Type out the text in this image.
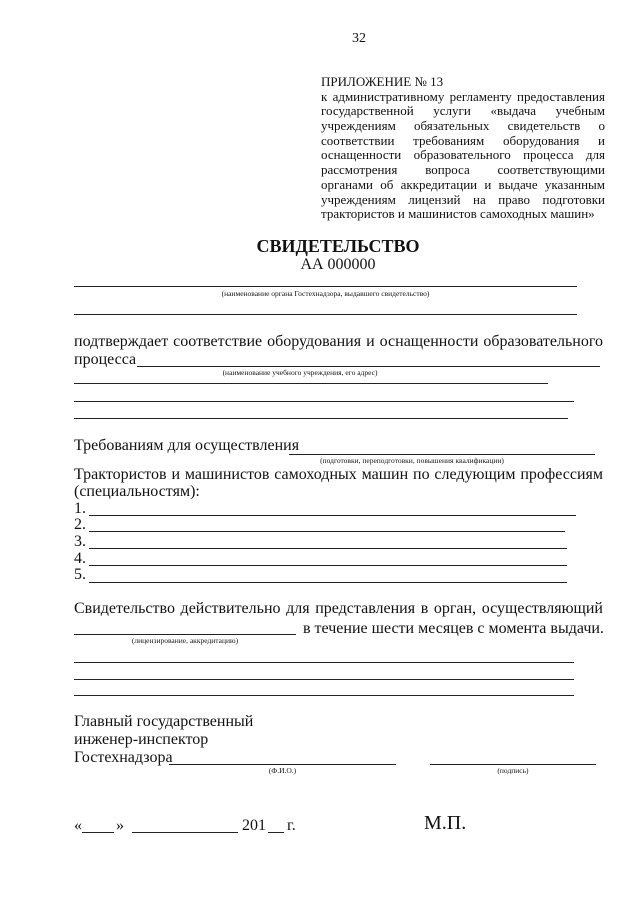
32
ПРИЛОЖЕНИЕ № 13
к административному регламенту предоставления
государственной услуги «выдача учебным
учреждениям обязательных свидетельств о
соответствии требованиям оборудования и
оснащенности образовательного процесса для
рассмотрения вопроса соответствующими
органами об аккредитации и выдаче указанным
учреждениям лицензий на право подготовки
трактористов и машинистов самоходных машин»
СВИДЕТЕЛЬСТВО
АА 000000
(наименование органа Гостехнадзора, выдавшего свидетельство)
подтверждает соответствие оборудования и оснащенности образовательного
процесса
(наименование учебного учреждения, его адрес)
Требованиям для осуществления
(подготовки, переподготовки, повышения квалификации)
Трактористов и машинистов самоходных машин по следующим профессиям
(специальностям):
1.
2.
3.
4.
5.
Свидетельство действительно для представления в орган, осуществляющий
в течение шести месяцев с момента выдачи.
(лицензирование, аккредитацию)
Главный государственный
инженер-инспектор
Гостехнадзора
(Ф.И.О.)	(подпись)
« »	201 г.	М.П.
